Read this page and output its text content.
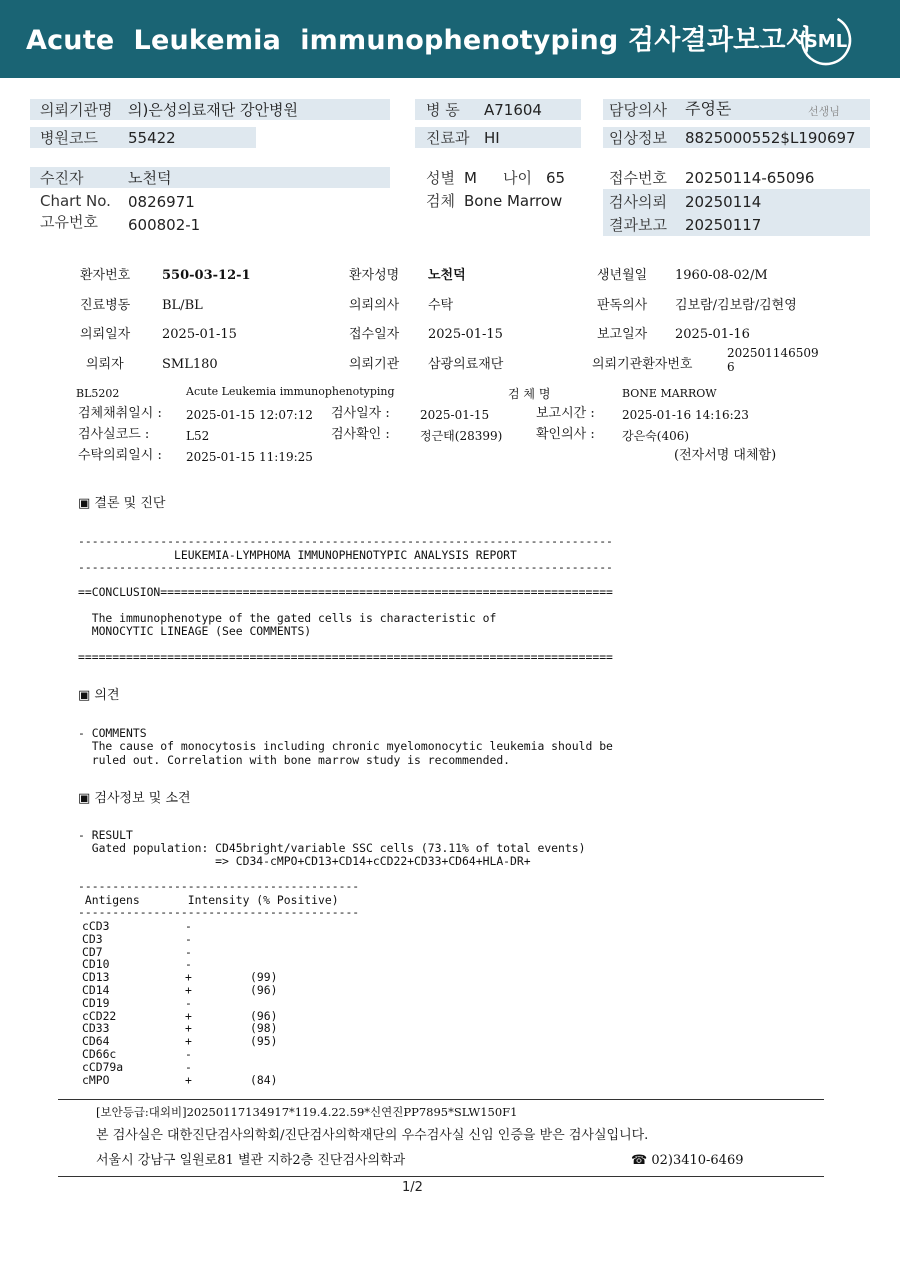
Acute  Leukemia  immunophenotyping 검사결과보고서
SML
의뢰기관명 의)은성의료재단 강안병원
병원코드 55422
병 동 A71604
진료과 HI
담당의사 주영돈	선생님
임상정보 8825000552$L190697
수진자	노천덕
Chart No. 0826971
고유번호 600802-1
성별 M 나이 65
검체 Bone Marrow
접수번호 20250114-65096
검사의뢰 20250114
결과보고 20250117
환자번호 550-03-12-1	환자성명 노천덕	생년월일 1960-08-02/M
진료병동 BL/BL	의뢰의사 수탁	판독의사 김보람/김보람/김현영
의뢰일자 2025-01-15	접수일자 2025-01-15	보고일자 2025-01-16
의뢰자	SML180	의뢰기관 삼광의료재단	의뢰기관환자번호
202501146509
6
BL5202	Acute Leukemia immunophenotyping	검 체 명	BONE MARROW
검체채취일시 : 2025-01-15 12:07:12 검사일자 :	2025-01-15	보고시간 : 2025-01-16 14:16:23
검사실코드 :	L52	검사확인 :	정근태(28399)	확인의사 : 강은숙(406)
수탁의뢰일시 : 2025-01-15 11:19:25	(전자서명 대체함)
▣ 결론 및 진단
------------------------------------------------------------------------------
LEUKEMIA-LYMPHOMA IMMUNOPHENOTYPIC ANALYSIS REPORT
------------------------------------------------------------------------------
==CONCLUSION==================================================================
The immunophenotype of the gated cells is characteristic of
MONOCYTIC LINEAGE (See COMMENTS)
==============================================================================
▣ 의견
- COMMENTS
The cause of monocytosis including chronic myelomonocytic leukemia should be
ruled out. Correlation with bone marrow study is recommended.
▣ 검사정보 및 소견
- RESULT
Gated population: CD45bright/variable SSC cells (73.11% of total events)
=> CD34-cMPO+CD13+CD14+cCD22+CD33+CD64+HLA-DR+
-----------------------------------------
Antigens       Intensity (% Positive)
-----------------------------------------
cCD3	-
CD3	-
CD7	-
CD10	-
CD13	+	(99)
CD14	+	(96)
CD19	-
cCD22	+	(96)
CD33	+	(98)
CD64	+	(95)
CD66c	-
cCD79a	-
cMPO	+	(84)
[보안등급:대외비]20250117134917*119.4.22.59*신연진PP7895*SLW150F1
본 검사실은 대한진단검사의학회/진단검사의학재단의 우수검사실 신임 인증을 받은 검사실입니다.
서울시 강남구 일원로81 별관 지하2층 진단검사의학과	☎ 02)3410-6469
1/2
